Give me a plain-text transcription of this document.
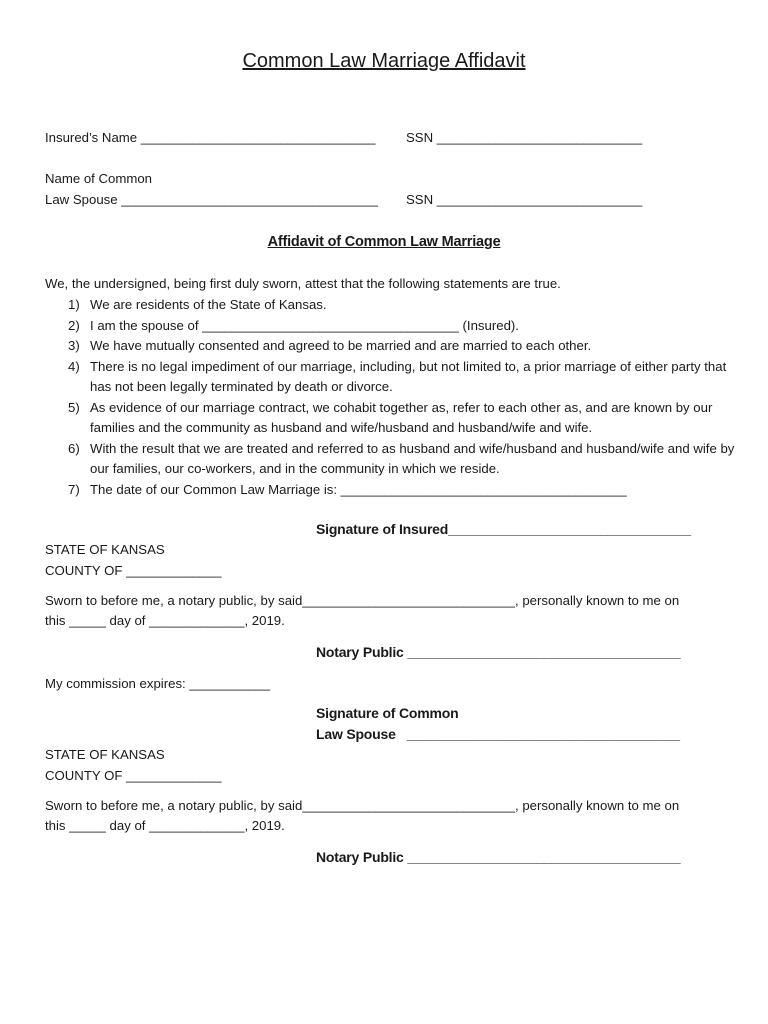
Common Law Marriage Affidavit
Insured’s Name ________________________________ SSN ____________________________
Name of Common
Law Spouse ___________________________________ SSN ____________________________
Affidavit of Common Law Marriage
We, the undersigned, being first duly sworn, attest that the following statements are true.
1) We are residents of the State of Kansas.
2) I am the spouse of ___________________________________ (Insured).
3) We have mutually consented and agreed to be married and are married to each other.
4) There is no legal impediment of our marriage, including, but not limited to, a prior marriage of either party that has not been legally terminated by death or divorce.
5) As evidence of our marriage contract, we cohabit together as, refer to each other as, and are known by our families and the community as husband and wife/husband and husband/wife and wife.
6) With the result that we are treated and referred to as husband and wife/husband and husband/wife and wife by our families, our co-workers, and in the community in which we reside.
7) The date of our Common Law Marriage is: _______________________________________
Signature of Insured________________________________
STATE OF KANSAS
COUNTY OF _____________
Sworn to before me, a notary public, by said_____________________________, personally known to me on
this _____ day of _____________, 2019.
Notary Public ____________________________________
My commission expires: ___________
Signature of Common
Law Spouse ____________________________________
STATE OF KANSAS
COUNTY OF _____________
Sworn to before me, a notary public, by said_____________________________, personally known to me on
this _____ day of _____________, 2019.
Notary Public ____________________________________
